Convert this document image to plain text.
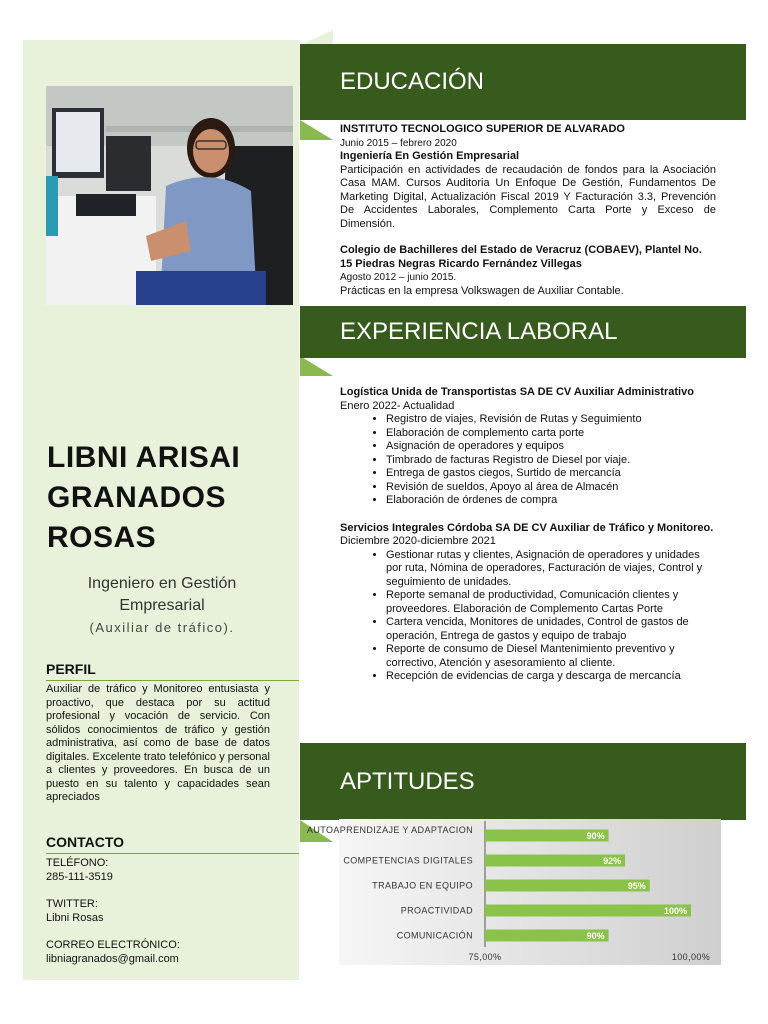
LIBNI ARISAI
GRANADOS
ROSAS
Ingeniero en Gestión
Empresarial
(Auxiliar de tráfico).
PERFIL
Auxiliar de tráfico y Monitoreo entusiasta y proactivo, que destaca por su actitud profesional y vocación de servicio. Con sólidos conocimientos de tráfico y gestión administrativa, así como de base de datos digitales. Excelente trato telefónico y personal a clientes y proveedores. En busca de un puesto en su talento y capacidades sean apreciados
CONTACTO
TELÉFONO:
285-111-3519
TWITTER:
Libni Rosas
CORREO ELECTRÓNICO:
libniagranados@gmail.com
EDUCACIÓN
INSTITUTO TECNOLOGICO SUPERIOR DE ALVARADO
Junio 2015 – febrero 2020
Ingeniería En Gestión Empresarial
Participación en actividades de recaudación de fondos para la Asociación Casa MAM. Cursos Auditoria Un Enfoque De Gestión, Fundamentos De Marketing Digital, Actualización Fiscal 2019 Y Facturación 3.3, Prevención De Accidentes Laborales, Complemento Carta Porte y Exceso de Dimensión.
Colegio de Bachilleres del Estado de Veracruz (COBAEV), Plantel No. 15 Piedras Negras Ricardo Fernández Villegas
Agosto 2012 – junio 2015.
Prácticas en la empresa Volkswagen de Auxiliar Contable.
EXPERIENCIA LABORAL
Logística Unida de Transportistas SA DE CV Auxiliar Administrativo
Enero 2022- Actualidad
• Registro de viajes, Revisión de Rutas y Seguimiento
• Elaboración de complemento carta porte
• Asignación de operadores y equipos
• Timbrado de facturas Registro de Diesel por viaje.
• Entrega de gastos ciegos, Surtido de mercancía
• Revisión de sueldos, Apoyo al área de Almacén
• Elaboración de órdenes de compra
Servicios Integrales Córdoba SA DE CV Auxiliar de Tráfico y Monitoreo.
Diciembre 2020-diciembre 2021
• Gestionar rutas y clientes, Asignación de operadores y unidades por ruta, Nómina de operadores, Facturación de viajes, Control y seguimiento de unidades.
• Reporte semanal de productividad, Comunicación clientes y proveedores. Elaboración de Complemento Cartas Porte
• Cartera vencida, Monitores de unidades, Control de gastos de operación, Entrega de gastos y equipo de trabajo
• Reporte de consumo de Diesel Mantenimiento preventivo y correctivo, Atención y asesoramiento al cliente.
• Recepción de evidencias de carga y descarga de mercancía
APTITUDES
90%
AUTOAPRENDIZAJE Y ADAPTACION
92%
COMPETENCIAS DIGITALES
95%
TRABAJO EN EQUIPO
100%
PROACTIVIDAD
90%
COMUNICACIÓN
75,00%	100,00%
